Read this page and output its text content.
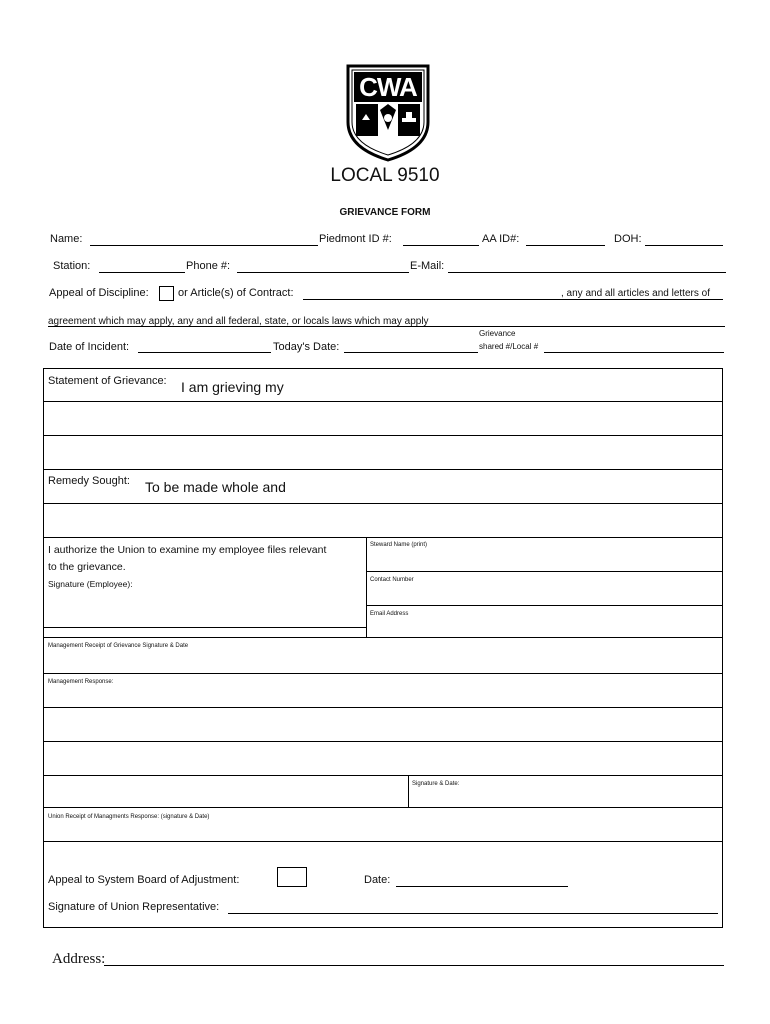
CWA
LOCAL 9510
GRIEVANCE FORM
Name:	Piedmont ID #:	AA ID#:	DOH:
Station:	Phone #:	E-Mail:
Appeal of Discipline:	or Article(s) of Contract:	, any and all articles and letters of
agreement which may apply, any and all federal, state, or locals laws which may apply
Date of Incident:	Today's Date:
Grievance
shared #/Local #
Statement of Grievance: I am grieving my
Remedy Sought: To be made whole and
I authorize the Union to examine my employee files relevant
to the grievance.
Signature (Employee):
Steward Name (print)
Contact Number
Email Address
Management Receipt of Grievance Signature & Date
Management Response:
Signature & Date:
Union Receipt of Managments Response: (signature & Date)
Appeal to System Board of Adjustment:	Date:
Signature of Union Representative:
Address:
